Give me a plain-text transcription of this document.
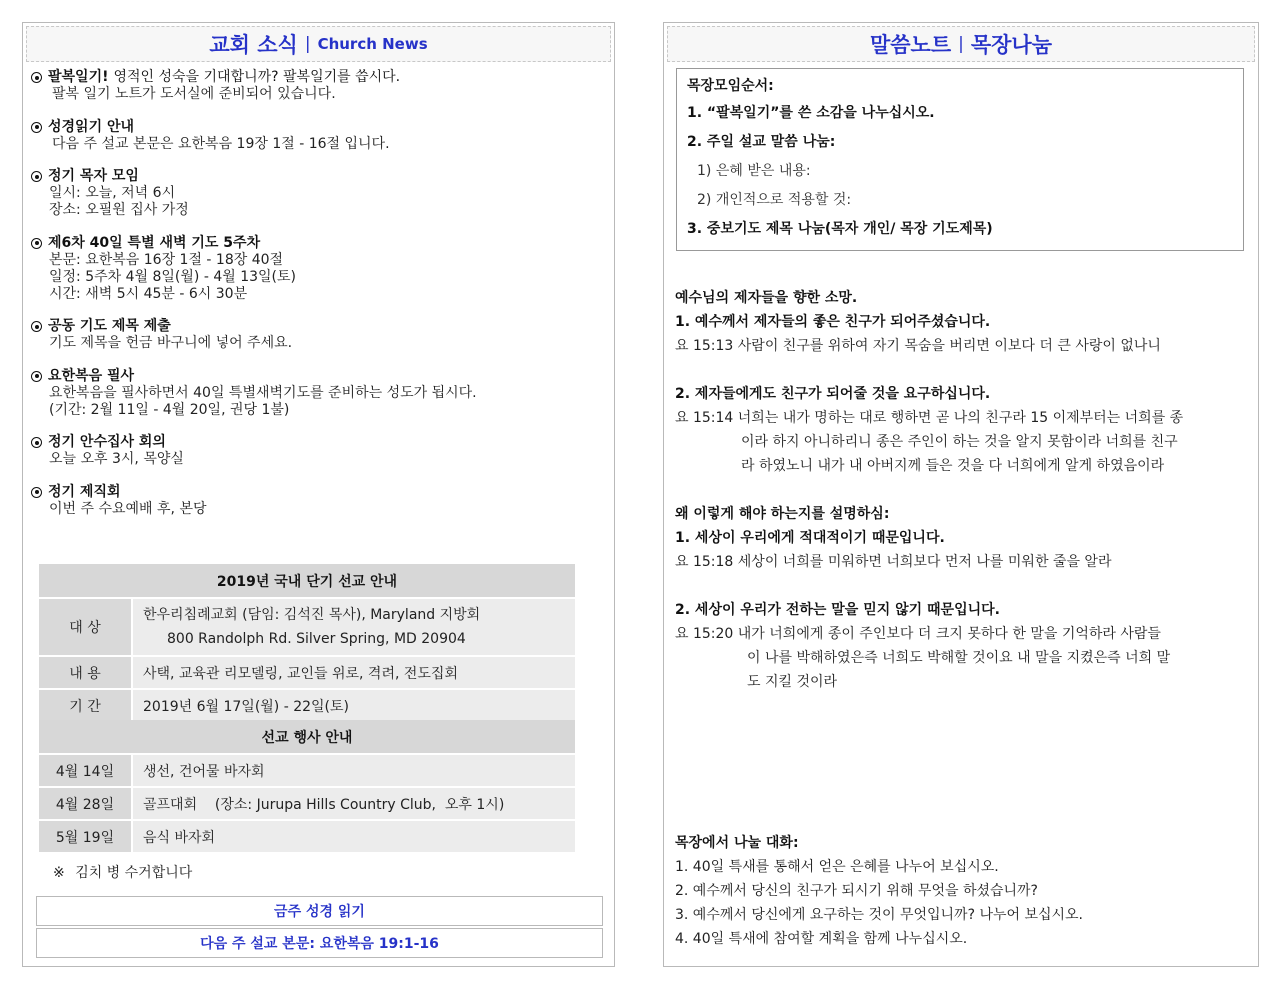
교회 소식 | Church News
팔복일기! 영적인 성숙을 기대합니까? 팔복일기를 씁시다.
팔복 일기 노트가 도서실에 준비되어 있습니다.
성경읽기 안내
다음 주 설교 본문은 요한복음 19장 1절 - 16절 입니다.
정기 목자 모임
일시: 오늘, 저녁 6시
장소: 오필원 집사 가정
제6차 40일 특별 새벽 기도 5주차
본문: 요한복음 16장 1절 - 18장 40절
일정: 5주차 4월 8일(월) - 4월 13일(토)
시간: 새벽 5시 45분 - 6시 30분
공동 기도 제목 제출
기도 제목을 헌금 바구니에 넣어 주세요.
요한복음 필사
요한복음을 필사하면서 40일 특별새벽기도를 준비하는 성도가 됩시다.
(기간: 2월 11일 - 4월 20일, 권당 1불)
정기 안수집사 회의
오늘 오후 3시, 목양실
정기 제직회
이번 주 수요예배 후, 본당
2019년 국내 단기 선교 안내	
대 상	한우리침례교회 (담임: 김석진 목사), Maryland 지방회
800 Randolph Rd. Silver Spring, MD 20904

내 용	사택, 교육관 리모델링, 교인들 위로, 격려, 전도집회
기 간	2019년 6월 17일(월) - 22일(토)
선교 행사 안내	
4월 14일	생선, 건어물 바자회
4월 28일	골프대회    (장소: Jurupa Hills Country Club,  오후 1시)
5월 19일	음식 바자회
※ 김치 병 수거합니다
금주 성경 읽기
다음 주 설교 본문: 요한복음 19:1-16
말씀노트 | 목장나눔
목장모임순서:
1. “팔복일기”를 쓴 소감을 나누십시오.
2. 주일 설교 말씀 나눔:
1) 은혜 받은 내용:
2) 개인적으로 적용할 것:
3. 중보기도 제목 나눔(목자 개인/ 목장 기도제목)
예수님의 제자들을 향한 소망.
1. 예수께서 제자들의 좋은 친구가 되어주셨습니다.
요 15:13 사람이 친구를 위하여 자기 목숨을 버리면 이보다 더 큰 사랑이 없나니
2. 제자들에게도 친구가 되어줄 것을 요구하십니다.
요 15:14 너희는 내가 명하는 대로 행하면 곧 나의 친구라 15 이제부터는 너희를 종
이라 하지 아니하리니 종은 주인이 하는 것을 알지 못함이라 너희를 친구
라 하였노니 내가 내 아버지께 들은 것을 다 너희에게 알게 하였음이라
왜 이렇게 해야 하는지를 설명하심:
1. 세상이 우리에게 적대적이기 때문입니다.
요 15:18 세상이 너희를 미워하면 너희보다 먼저 나를 미워한 줄을 알라
2. 세상이 우리가 전하는 말을 믿지 않기 때문입니다.
요 15:20 내가 너희에게 종이 주인보다 더 크지 못하다 한 말을 기억하라 사람들
이 나를 박해하였은즉 너희도 박해할 것이요 내 말을 지켰은즉 너희 말
도 지킬 것이라
목장에서 나눌 대화:
1. 40일 특새를 통해서 얻은 은혜를 나누어 보십시오.
2. 예수께서 당신의 친구가 되시기 위해 무엇을 하셨습니까?
3. 예수께서 당신에게 요구하는 것이 무엇입니까? 나누어 보십시오.
4. 40일 특새에 참여할 계획을 함께 나누십시오.
